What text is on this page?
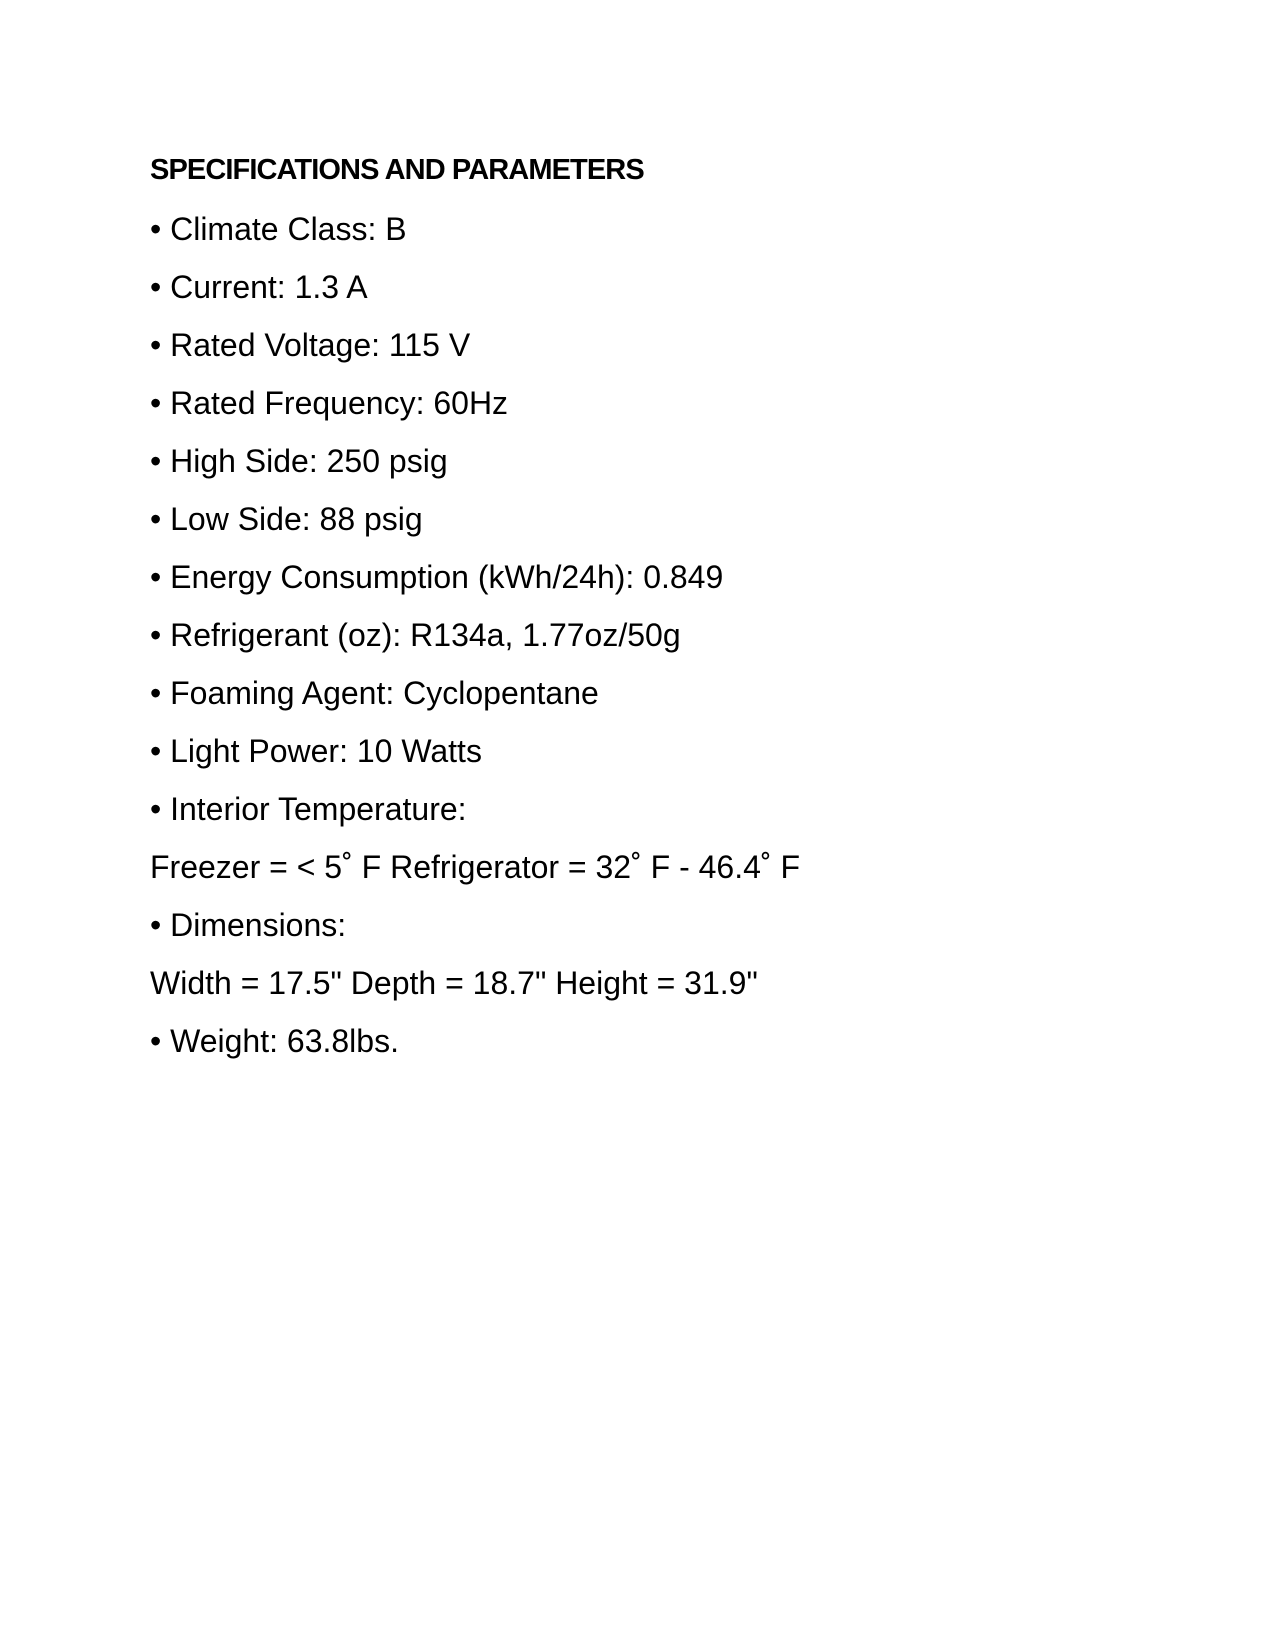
SPECIFICATIONS AND PARAMETERS
• Climate Class: B
• Current: 1.3 A
• Rated Voltage: 115 V
• Rated Frequency: 60Hz
• High Side: 250 psig
• Low Side: 88 psig
• Energy Consumption (kWh/24h): 0.849
• Refrigerant (oz): R134a, 1.77oz/50g
• Foaming Agent: Cyclopentane
• Light Power: 10 Watts
• Interior Temperature:
Freezer = < 5˚ F Refrigerator = 32˚ F - 46.4˚ F
• Dimensions:
Width = 17.5" Depth = 18.7" Height = 31.9"
• Weight: 63.8lbs.
